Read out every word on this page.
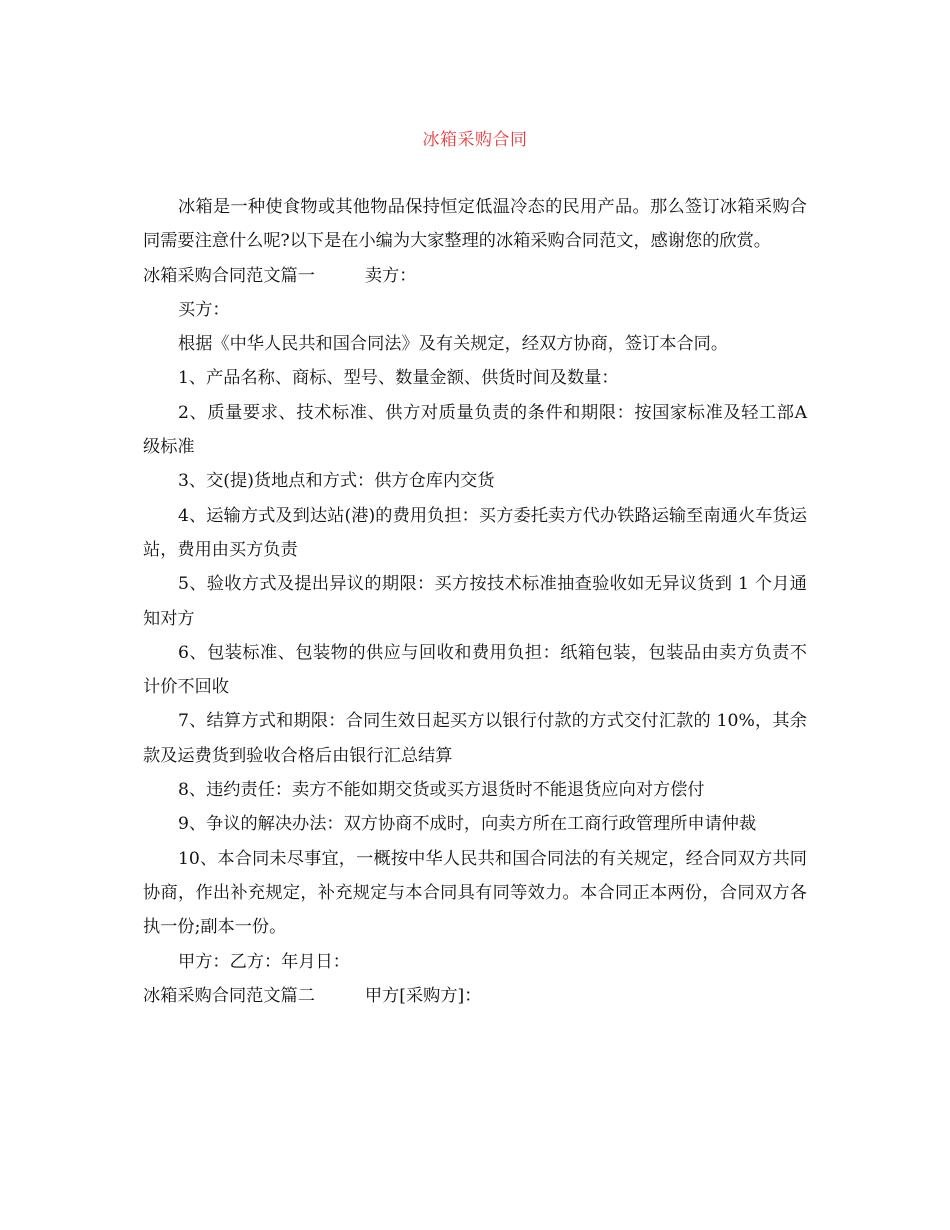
冰箱采购合同

冰箱是一种使食物或其他物品保持恒定低温冷态的民用产品。那么签订冰箱采购合同需要注意什么呢?以下是在小编为大家整理的冰箱采购合同范文，感谢您的欣赏。

冰箱采购合同范文篇一	卖方：

买方：

根据《中华人民共和国合同法》及有关规定，经双方协商，签订本合同。

1、产品名称、商标、型号、数量金额、供货时间及数量：

2、质量要求、技术标准、供方对质量负责的条件和期限：按国家标准及轻工部A 级标准

3、交(提)货地点和方式：供方仓库内交货

4、运输方式及到达站(港)的费用负担：买方委托卖方代办铁路运输至南通火车货运站，费用由买方负责

5、验收方式及提出异议的期限：买方按技术标准抽查验收如无异议货到 1 个月通知对方

6、包装标准、包装物的供应与回收和费用负担：纸箱包装，包装品由卖方负责不计价不回收

7、结算方式和期限：合同生效日起买方以银行付款的方式交付汇款的 10%，其余款及运费货到验收合格后由银行汇总结算

8、违约责任：卖方不能如期交货或买方退货时不能退货应向对方偿付

9、争议的解决办法：双方协商不成时，向卖方所在工商行政管理所申请仲裁

10、本合同未尽事宜，一概按中华人民共和国合同法的有关规定，经合同双方共同协商，作出补充规定，补充规定与本合同具有同等效力。本合同正本两份，合同双方各执一份;副本一份。

甲方：乙方：年月日：

冰箱采购合同范文篇二	甲方[采购方]：
